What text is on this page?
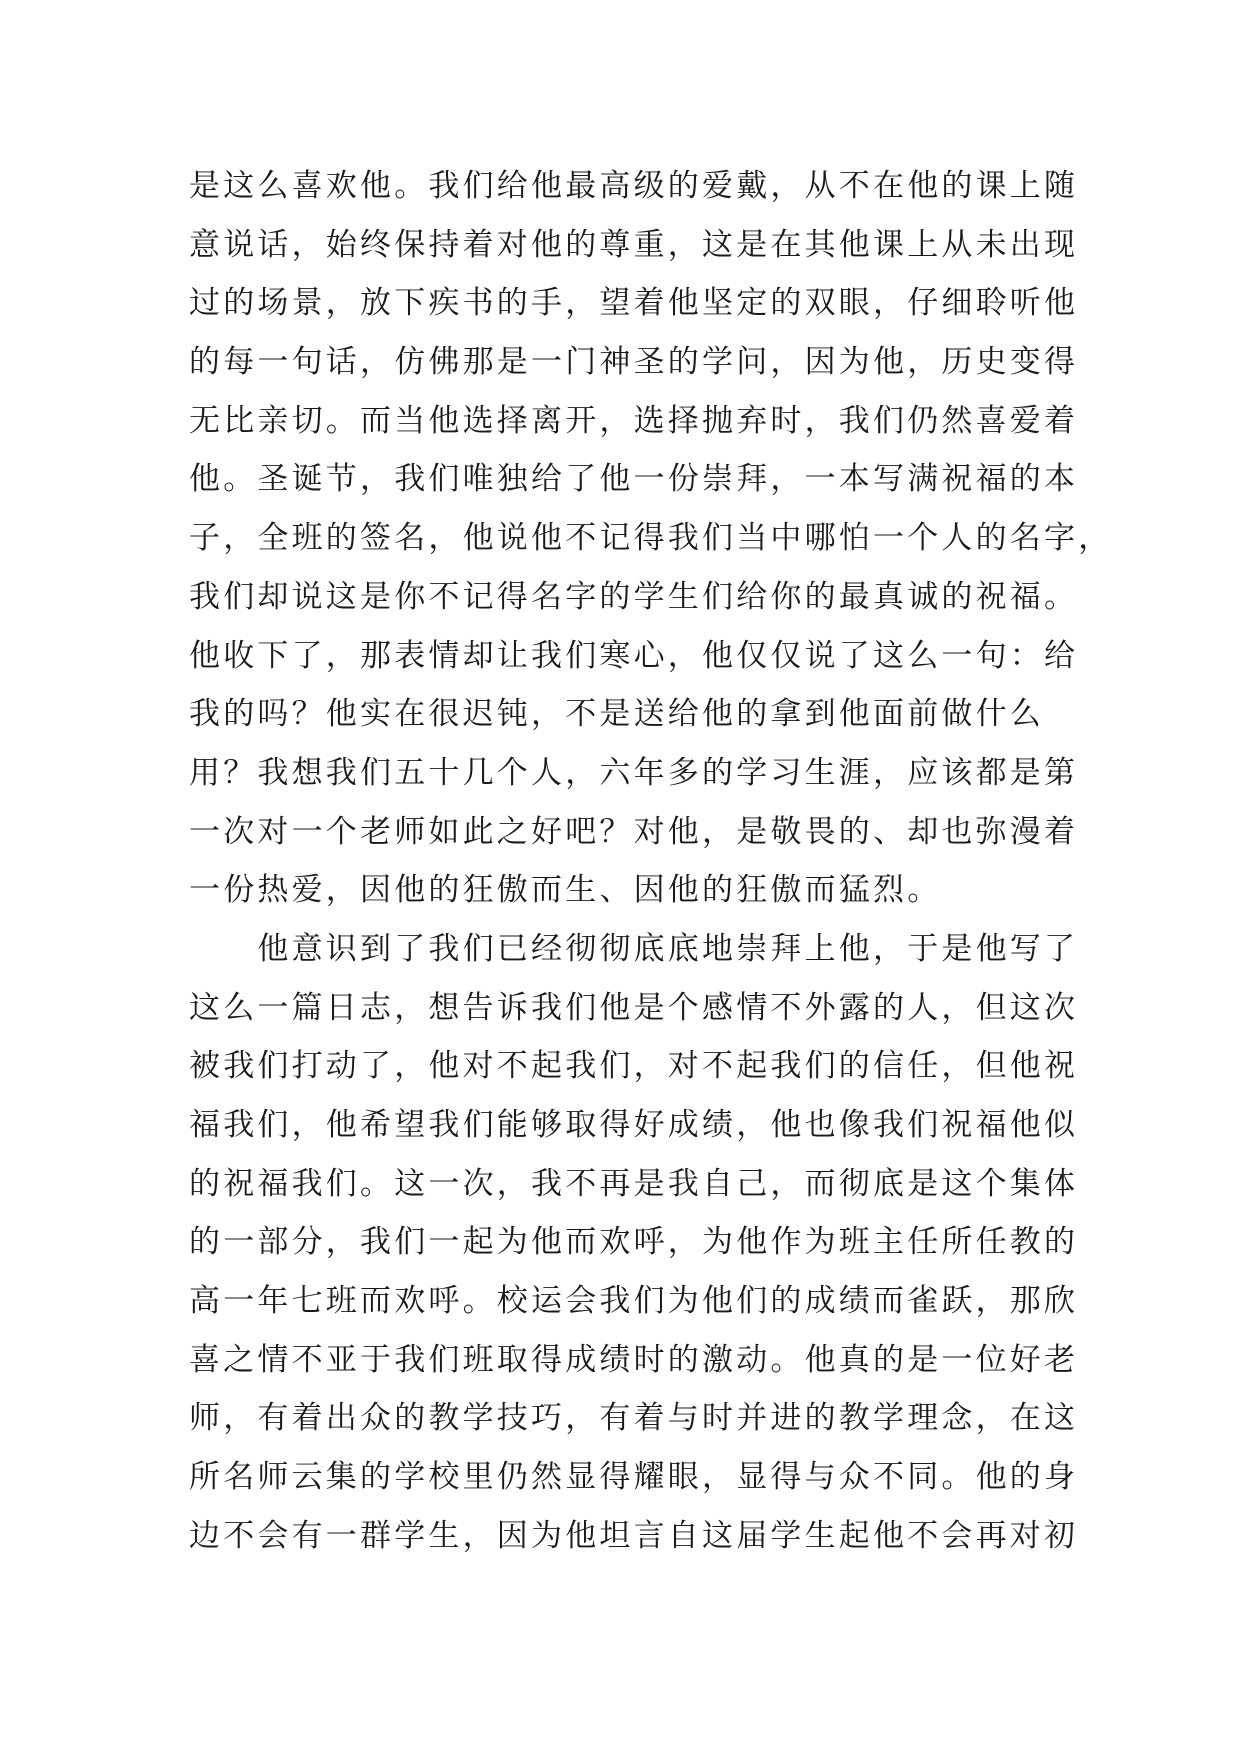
是这么喜欢他。我们给他最高级的爱戴，从不在他的课上随
意说话，始终保持着对他的尊重，这是在其他课上从未出现
过的场景，放下疾书的手，望着他坚定的双眼，仔细聆听他
的每一句话，仿佛那是一门神圣的学问，因为他，历史变得
无比亲切。而当他选择离开，选择抛弃时，我们仍然喜爱着
他。圣诞节，我们唯独给了他一份崇拜，一本写满祝福的本
子，全班的签名，他说他不记得我们当中哪怕一个人的名字，
我们却说这是你不记得名字的学生们给你的最真诚的祝福。
他收下了，那表情却让我们寒心，他仅仅说了这么一句：给
我的吗？他实在很迟钝，不是送给他的拿到他面前做什么
用？我想我们五十几个人，六年多的学习生涯，应该都是第
一次对一个老师如此之好吧？对他，是敬畏的、却也弥漫着
一份热爱，因他的狂傲而生、因他的狂傲而猛烈。
　　他意识到了我们已经彻彻底底地崇拜上他，于是他写了
这么一篇日志，想告诉我们他是个感情不外露的人，但这次
被我们打动了，他对不起我们，对不起我们的信任，但他祝
福我们，他希望我们能够取得好成绩，他也像我们祝福他似
的祝福我们。这一次，我不再是我自己，而彻底是这个集体
的一部分，我们一起为他而欢呼，为他作为班主任所任教的
高一年七班而欢呼。校运会我们为他们的成绩而雀跃，那欣
喜之情不亚于我们班取得成绩时的激动。他真的是一位好老
师，有着出众的教学技巧，有着与时并进的教学理念，在这
所名师云集的学校里仍然显得耀眼，显得与众不同。他的身
边不会有一群学生，因为他坦言自这届学生起他不会再对初
